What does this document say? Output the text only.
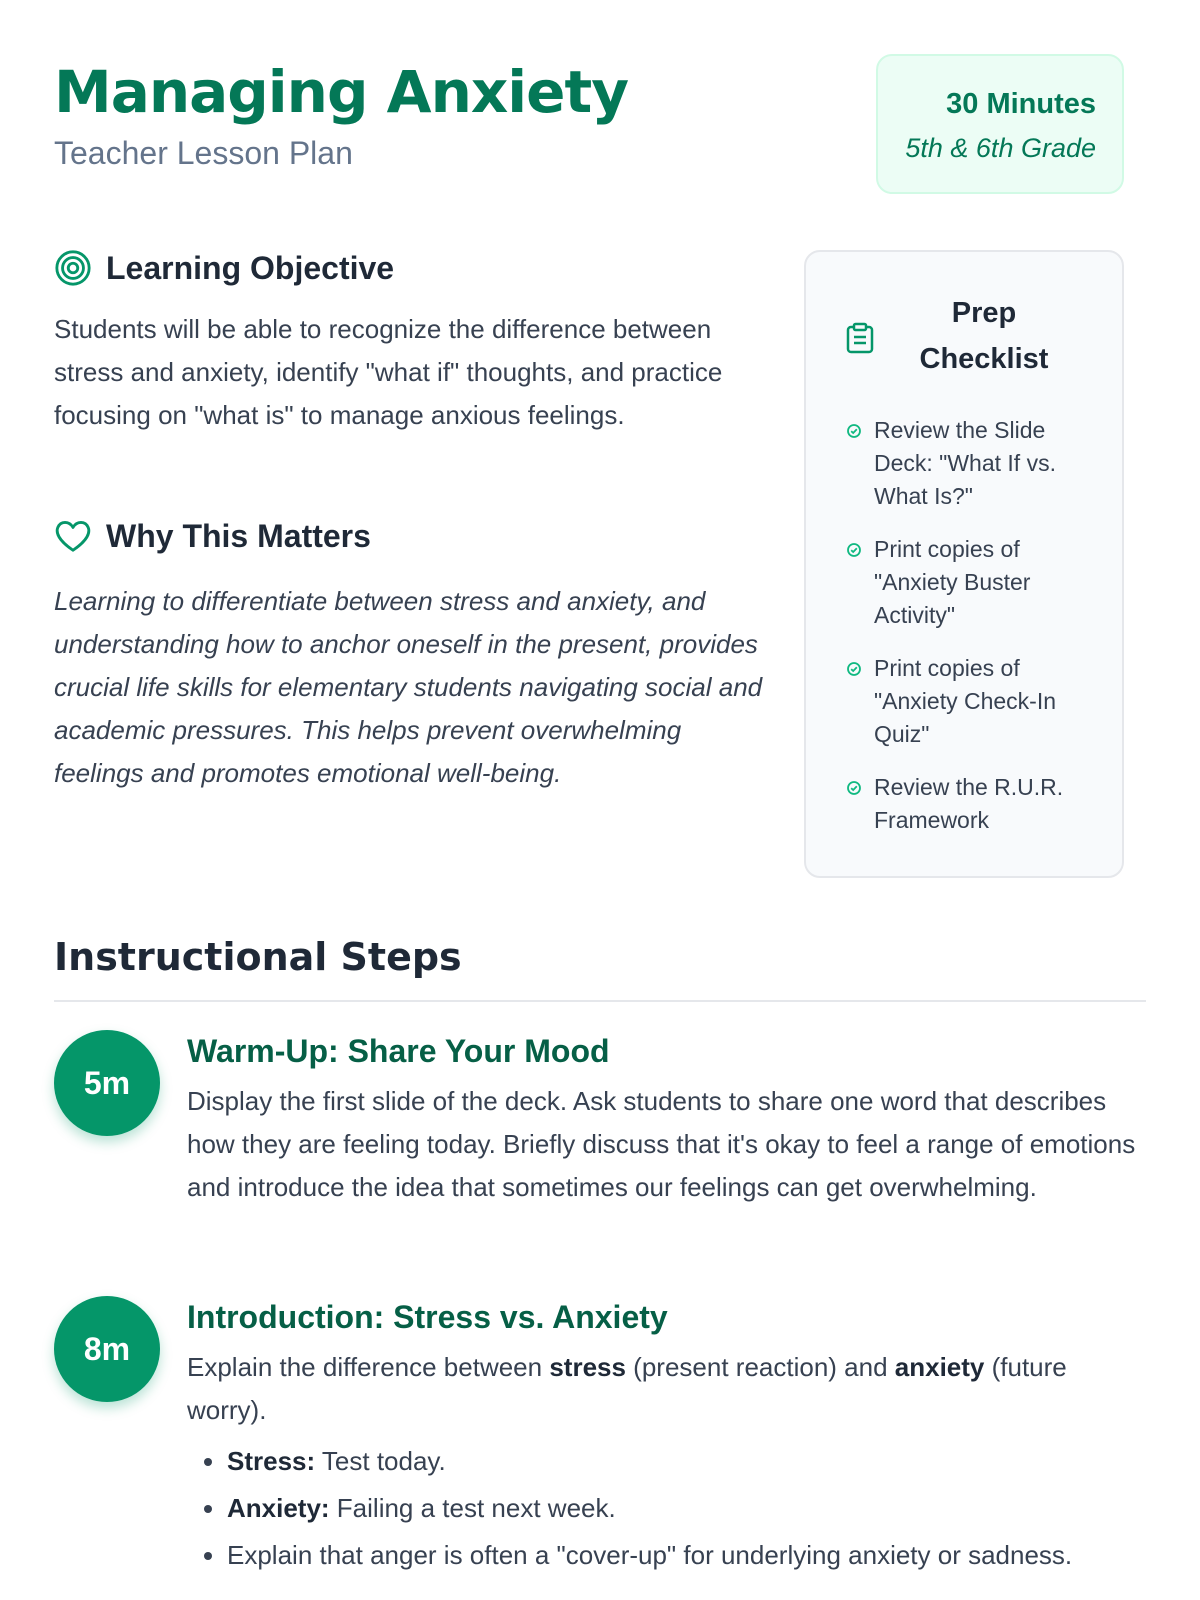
Managing Anxiety
Teacher Lesson Plan
30 Minutes
5th & 6th Grade
Learning Objective

Students will be able to recognize the difference between stress and anxiety, identify "what if" thoughts, and practice focusing on "what is" to manage anxious feelings.

Why This Matters

Learning to differentiate between stress and anxiety, and understanding how to anchor oneself in the present, provides crucial life skills for elementary students navigating social and academic pressures. This helps prevent overwhelming feelings and promotes emotional well-being.

Prep Checklist
Review the Slide Deck: "What If vs. What Is?"
Print copies of "Anxiety Buster Activity"
Print copies of "Anxiety Check-In Quiz"
Review the R.U.R. Framework
Instructional Steps
5m
Warm-Up: Share Your Mood

Display the first slide of the deck. Ask students to share one word that describes how they are feeling today. Briefly discuss that it's okay to feel a range of emotions and introduce the idea that sometimes our feelings can get overwhelming.

8m
Introduction: Stress vs. Anxiety

Explain the difference between stress (present reaction) and anxiety (future worry).

• Stress: Test today.
• Anxiety: Failing a test next week.
• Explain that anger is often a "cover-up" for underlying anxiety or sadness.
